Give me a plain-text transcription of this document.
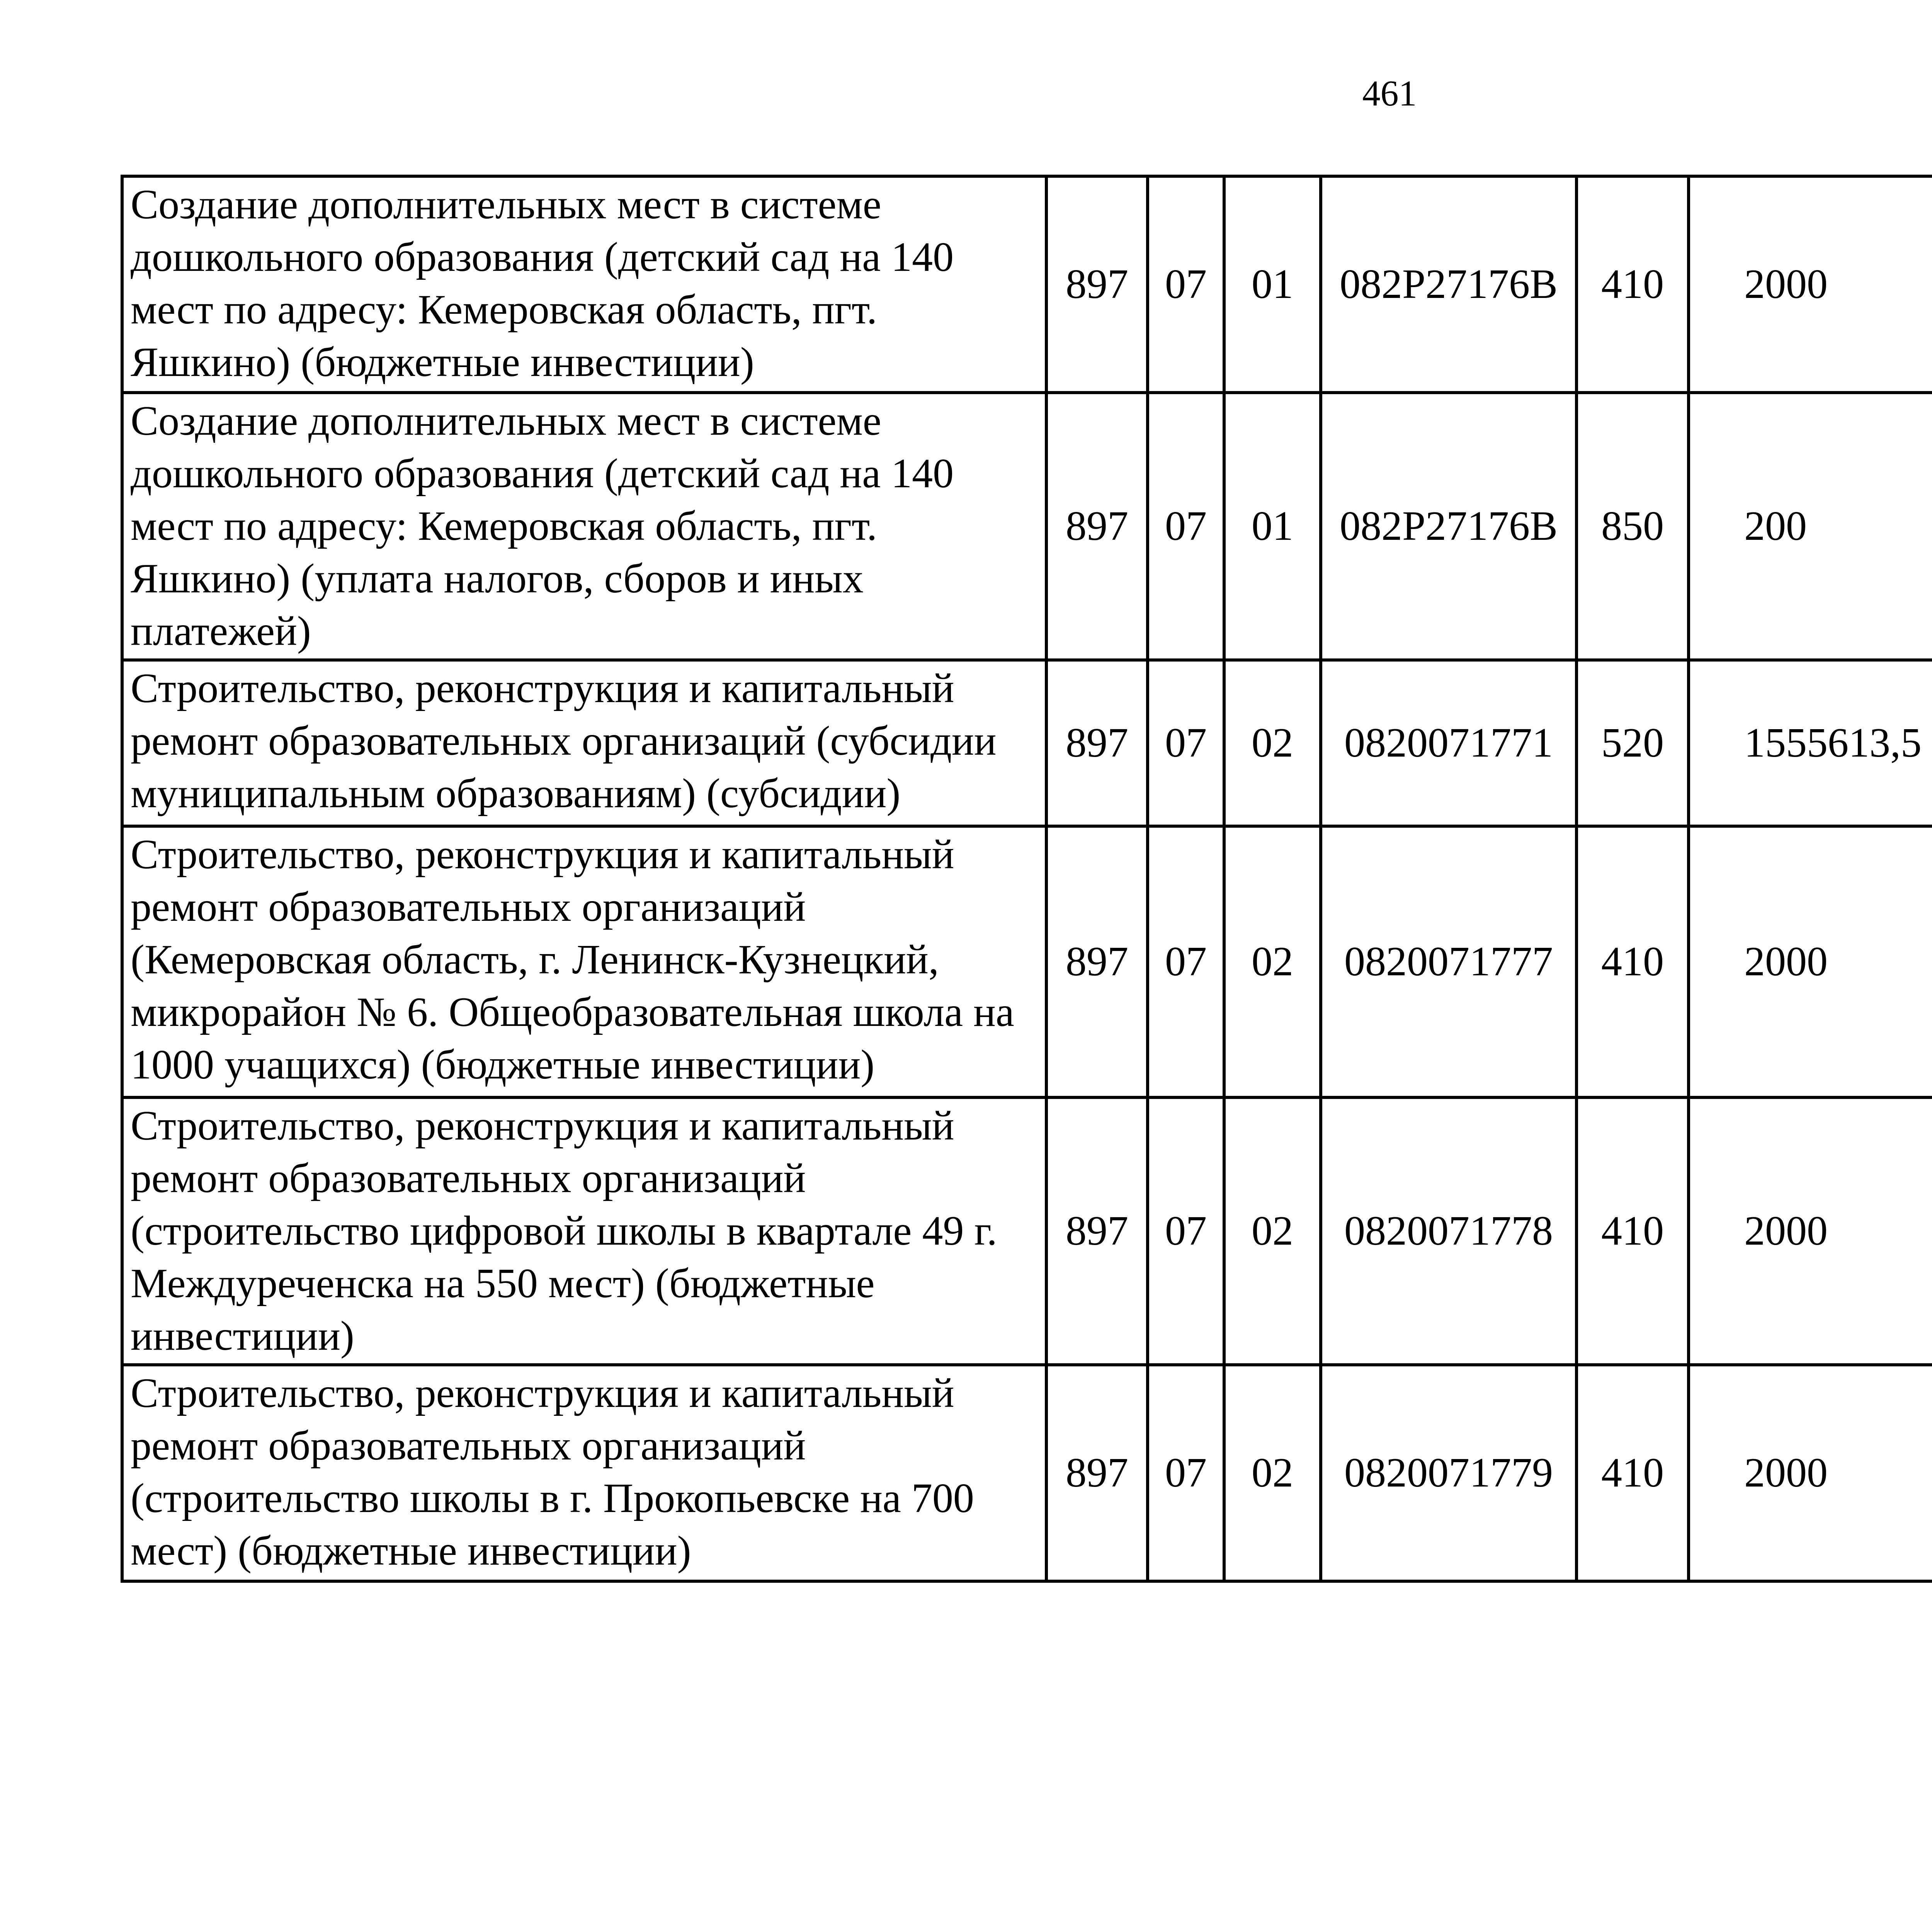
461
Создание дополнительных мест в системе
дошкольного образования (детский сад на 140
мест по адресу: Кемеровская область, пгт.
Яшкино) (бюджетные инвестиции)	897	07	01	082P27176B	410	2000		

Создание дополнительных мест в системе
дошкольного образования (детский сад на 140
мест по адресу: Кемеровская область, пгт.
Яшкино) (уплата налогов, сборов и иных
платежей)	897	07	01	082P27176B	850	200		

Строительство, реконструкция и капитальный
ремонт образовательных организаций (субсидии
муниципальным образованиям) (субсидии)	897	07	02	0820071771	520	1555613,5		

Строительство, реконструкция и капитальный
ремонт образовательных организаций
(Кемеровская область, г. Ленинск-Кузнецкий,
микрорайон № 6. Общеобразовательная школа на
1000 учащихся) (бюджетные инвестиции)	897	07	02	0820071777	410	2000		

Строительство, реконструкция и капитальный
ремонт образовательных организаций
(строительство цифровой школы в квартале 49 г.
Междуреченска на 550 мест) (бюджетные
инвестиции)	897	07	02	0820071778	410	2000		

Строительство, реконструкция и капитальный
ремонт образовательных организаций
(строительство школы в г. Прокопьевске на 700
мест) (бюджетные инвестиции)	897	07	02	0820071779	410	2000		
